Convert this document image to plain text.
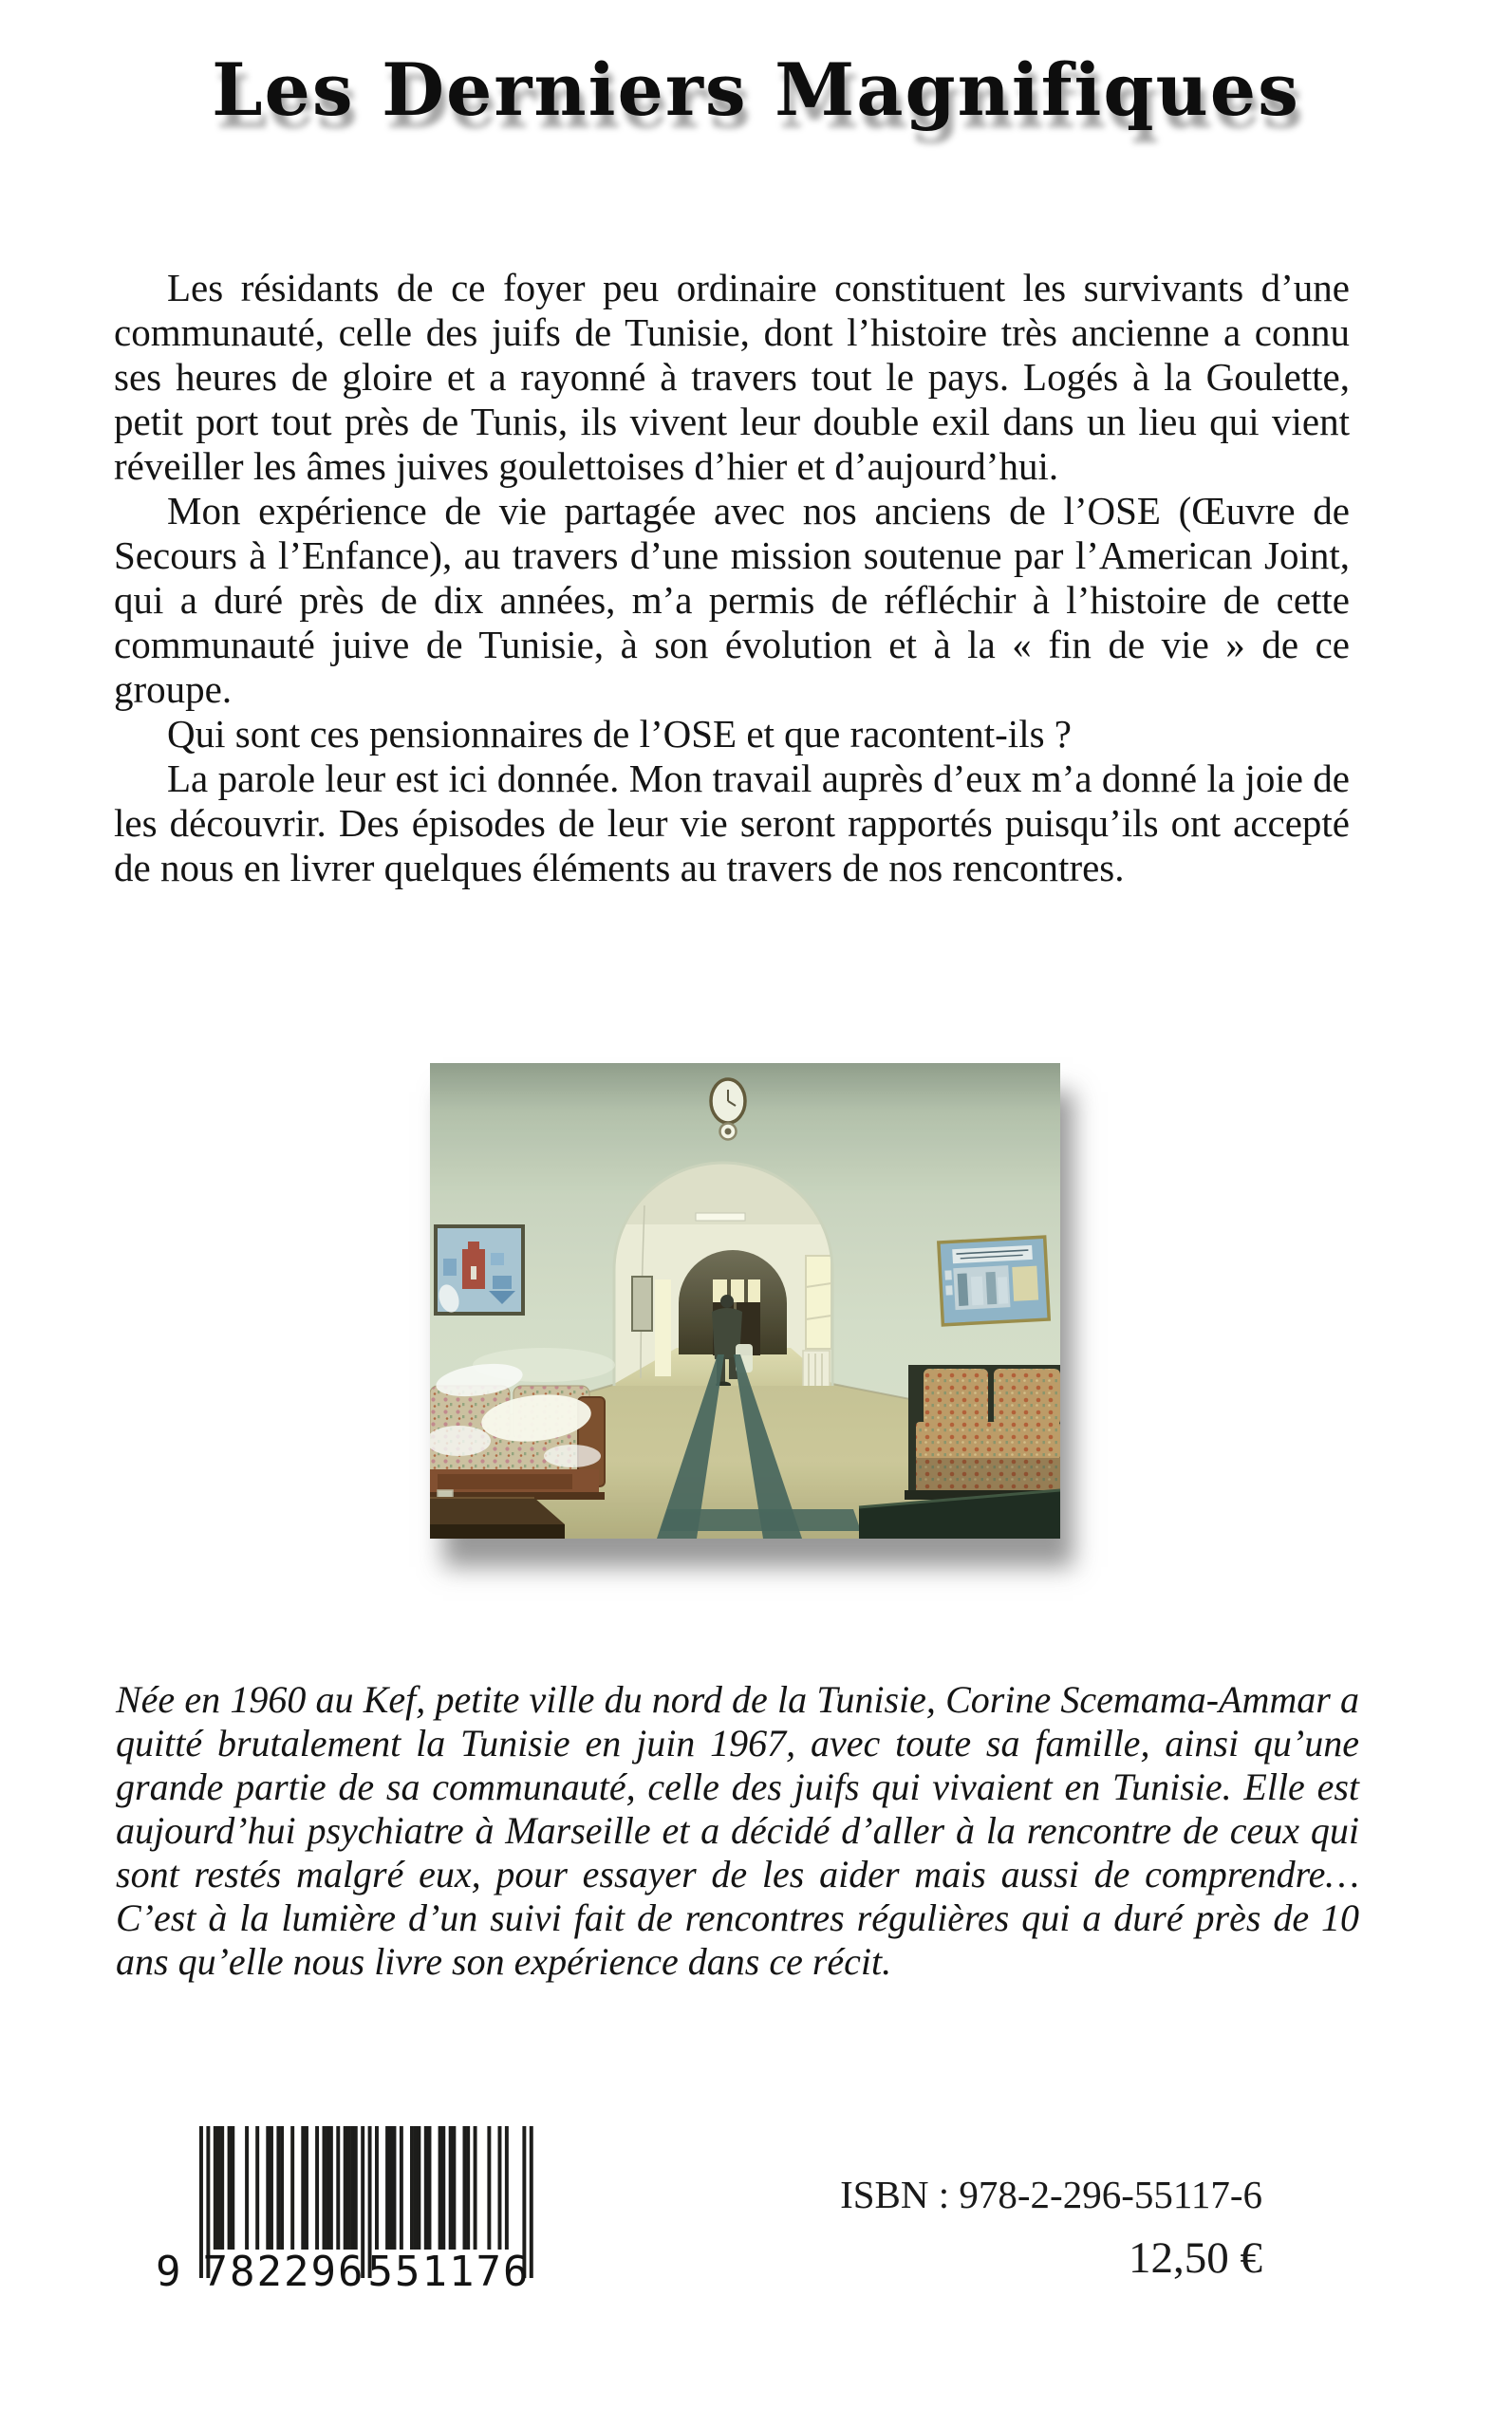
Les Derniers Magnifiques

Les résidants de ce foyer peu ordinaire constituent les survivants d’une communauté, celle des juifs de Tunisie, dont l’histoire très ancienne a connu ses heures de gloire et a rayonné à travers tout le pays. Logés à la Goulette, petit port tout près de Tunis, ils vivent leur double exil dans un lieu qui vient réveiller les âmes juives goulettoises d’hier et d’aujourd’hui.

Mon expérience de vie partagée avec nos anciens de l’OSE (Œuvre de Secours à l’Enfance), au travers d’une mission soutenue par l’American Joint, qui a duré près de dix années, m’a permis de réfléchir à l’histoire de cette communauté juive de Tunisie, à son évolution et à la « fin de vie » de ce groupe.

Qui sont ces pensionnaires de l’OSE et que racontent-ils ?

La parole leur est ici donnée. Mon travail auprès d’eux m’a donné la joie de les découvrir. Des épisodes de leur vie seront rapportés puisqu’ils ont accepté de nous en livrer quelques éléments au travers de nos rencontres.

Née en 1960 au Kef, petite ville du nord de la Tunisie, Corine Scemama-Ammar a quitté brutalement la Tunisie en juin 1967, avec toute sa famille, ainsi qu’une grande partie de sa communauté, celle des juifs qui vivaient en Tunisie. Elle est aujourd’hui psychiatre à Marseille et a décidé d’aller à la rencontre de ceux qui sont restés malgré eux, pour essayer de les aider mais aussi de comprendre… C’est à la lumière d’un suivi fait de rencontres régulières qui a duré près de 10 ans qu’elle nous livre son expérience dans ce récit.
9 782296 551176
ISBN : 978-2-296-55117-6
12,50 €
